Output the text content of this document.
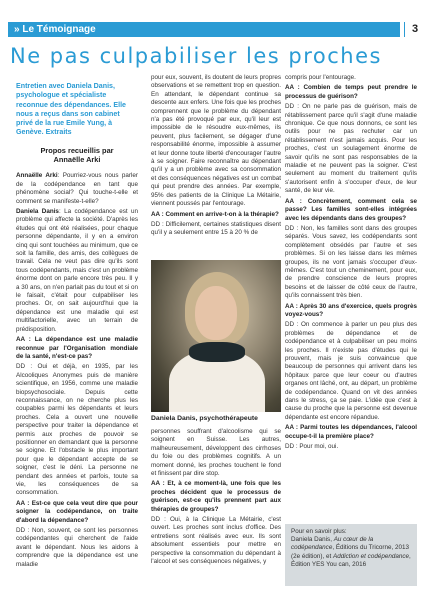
» Le Témoignage	3
Ne pas culpabiliser les proches
Entretien avec Daniela Danis, psychologue et spécialiste reconnue des dépendances. Elle nous a reçus dans son cabinet privé de la rue Emile Yung, à Genève. Extraits
Propos recueillis par
Annaëlle Arki
Annaëlle Arki: Pourriez-vous nous parler de la codépendance en tant que phénomène social? Qui touche-t-elle et comment se manifeste-t-elle?
Daniela Danis: La codépendance est un problème qui affecte la société. D'après les études qui ont été réalisées, pour chaque personne dépendante, il y en a environ cinq qui sont touchées au minimum, que ce soit la famille, des amis, des collègues de travail. Cela ne veut pas dire qu'ils sont tous codépendants, mais c'est un problème énorme dont on parle encore très peu. Il y a 30 ans, on n'en parlait pas du tout et si on le faisait, c'était pour culpabiliser les proches. Or, on sait aujourd'hui que la dépendance est une maladie qui est multifactorielle, avec un terrain de prédisposition.
AA : La dépendance est une maladie reconnue par l'Organisation mondiale de la santé, n'est-ce pas?
DD : Oui et déjà, en 1935, par les Alcooliques Anonymes puis de manière scientifique, en 1956, comme une maladie biopsychosociale. Depuis cette reconnaissance, on ne cherche plus les coupables parmi les dépendants et leurs proches. Cela a ouvert une nouvelle perspective pour traiter la dépendance et permis aux proches de pouvoir se positionner en demandant que la personne se soigne. Et l'obstacle le plus important pour que le dépendant accepte de se soigner, c'est le déni. La personne ne pendant des années et parfois, toute sa vie, les conséquences de sa consommation.
AA : Est-ce que cela veut dire que pour soigner la codépendance, on traite d'abord la dépendance?
DD : Non, souvent, ce sont les personnes codépendantes qui cherchent de l'aide avant le dépendant. Nous les aidons à comprendre que la dépendance est une maladie
pour eux, souvent, ils doutent de leurs propres observations et se remettent trop en question. En attendant, le dépendant continue sa descente aux enfers. Une fois que les proches comprennent que le problème du dépendant n'a pas été provoqué par eux, qu'il leur est impossible de le résoudre eux-mêmes, ils peuvent, plus facilement, se dégager d'une responsabilité énorme, impossible à assumer et leur donne toute liberté d'encourager l'autre à se soigner. Faire reconnaître au dépendant qu'il y a un problème avec sa consommation et des conséquences négatives est un combat qui peut prendre des années. Par exemple, 95% des patients de la Clinique La Métairie, viennent poussés par l'entourage.
AA : Comment en arrive-t-on à la thérapie?
DD : Difficilement, certaines statistiques disent qu'il y a seulement entre 15 à 20 % de
Daniela Danis, psychothérapeute
personnes souffrant d'alcoolisme qui se soignent en Suisse. Les autres, malheureusement, développent des cirrhoses du foie ou des problèmes cognitifs. A un moment donné, les proches touchent le fond et finissent par dire stop.
AA : Et, à ce moment-là, une fois que les proches décident que le processus de guérison, est-ce qu'ils prennent part aux thérapies de groupes?
DD : Oui, à la Clinique La Métairie, c'est ouvert. Les proches sont inclus d'office. Des entretiens sont réalisés avec eux. Ils sont absolument essentiels pour mettre en perspective la consommation du dépendant à l'alcool et ses conséquences négatives, y
compris pour l'entourage.
AA : Combien de temps peut prendre le processus de guérison?
DD : On ne parle pas de guérison, mais de rétablissement parce qu'il s'agit d'une maladie chronique. Ce que nous donnons, ce sont les outils pour ne pas rechuter car un rétablissement n'est jamais acquis. Pour les proches, c'est un soulagement énorme de savoir qu'ils ne sont pas responsables de la maladie et ne peuvent pas la soigner. C'est seulement au moment du traitement qu'ils s'autorisent enfin à s'occuper d'eux, de leur santé, de leur vie.
AA : Concrètement, comment cela se passe? Les familles sont-elles intégrées avec les dépendants dans des groupes?
DD : Non, les familles sont dans des groupes séparés. Vous savez, les codépendants sont complètement obsédés par l'autre et ses problèmes. Si on les laisse dans les mêmes groupes, ils ne vont jamais s'occuper d'eux-mêmes. C'est tout un cheminement, pour eux, de prendre conscience de leurs propres besoins et de laisser de côté ceux de l'autre, qu'ils connaissent très bien.
AA : Après 30 ans d'exercice, quels progrès voyez-vous?
DD : On commence à parler un peu plus des problèmes de dépendance et de codépendance et à culpabiliser un peu moins les proches. Il n'existe pas d'études qui le prouvent, mais je suis convaincue que beaucoup de personnes qui arrivent dans les hôpitaux parce que leur coeur ou d'autres organes ont lâché, ont, au départ, un problème de codépendance. Quand on vit des années dans le stress, ça se paie. L'idée que c'est à cause du proche que la personne est devenue dépendante est encore répandue.
AA : Parmi toutes les dépendances, l'alcool occupe-t-il la première place?
DD : Pour moi, oui.
Pour en savoir plus:
Daniela Danis, Au cœur de la codépendance, Éditions du Tricorne, 2013 (2e édition), et Addiction et codépendance, Édition YES You can, 2016
